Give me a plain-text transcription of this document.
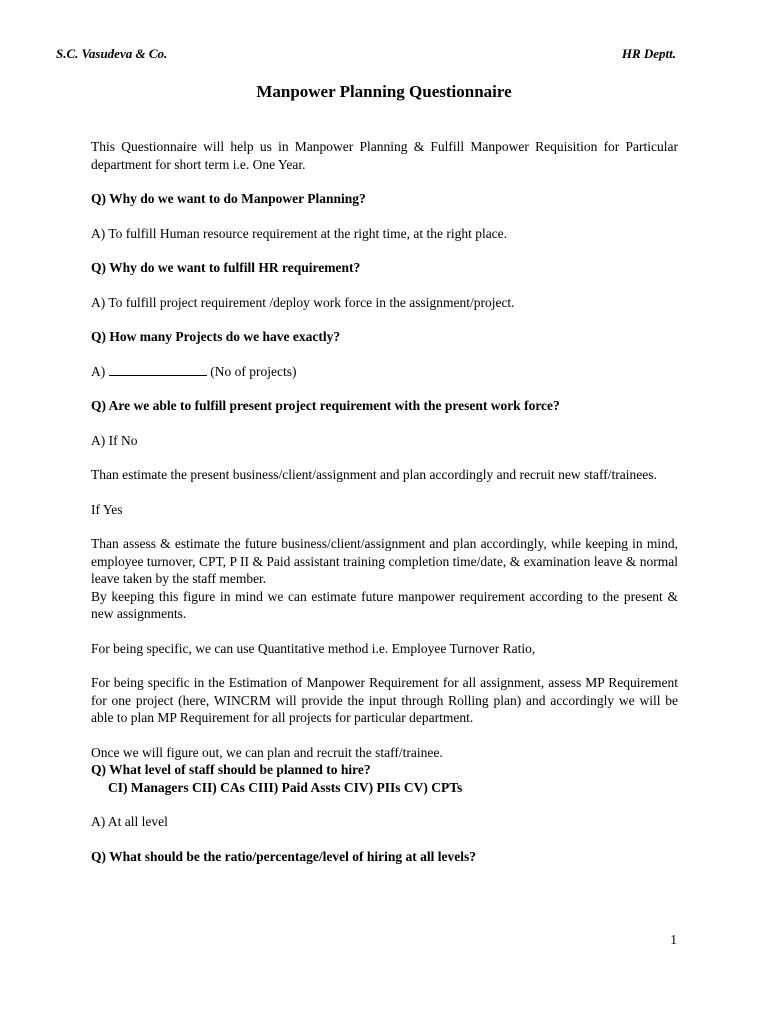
S.C. Vasudeva & Co.	HR Deptt.
Manpower Planning Questionnaire

This Questionnaire will help us in Manpower Planning & Fulfill Manpower Requisition for Particular department for short term i.e. One Year.

Q) Why do we want to do Manpower Planning?

A) To fulfill Human resource requirement at the right time, at the right place.

Q) Why do we want to fulfill HR requirement?

A) To fulfill project requirement /deploy work force in the assignment/project.

Q) How many Projects do we have exactly?

A)	(No of projects)

Q) Are we able to fulfill present project requirement with the present work force?

A) If No

Than estimate the present business/client/assignment and plan accordingly and recruit new staff/trainees.

If Yes

Than assess & estimate the future business/client/assignment and plan accordingly, while keeping in mind, employee turnover, CPT, P II & Paid assistant training completion time/date, & examination leave & normal leave taken by the staff member.

By keeping this figure in mind we can estimate future manpower requirement according to the present & new assignments.

For being specific, we can use Quantitative method i.e. Employee Turnover Ratio,

For being specific in the Estimation of Manpower Requirement for all assignment, assess MP Requirement for one project (here, WINCRM will provide the input through Rolling plan) and accordingly we will be able to plan MP Requirement for all projects for particular department.

Once we will figure out, we can plan and recruit the staff/trainee.

Q) What level of staff should be planned to hire?

CI) Managers CII) CAs CIII) Paid Assts CIV) PIIs CV) CPTs

A) At all level

Q) What should be the ratio/percentage/level of hiring at all levels?

1
